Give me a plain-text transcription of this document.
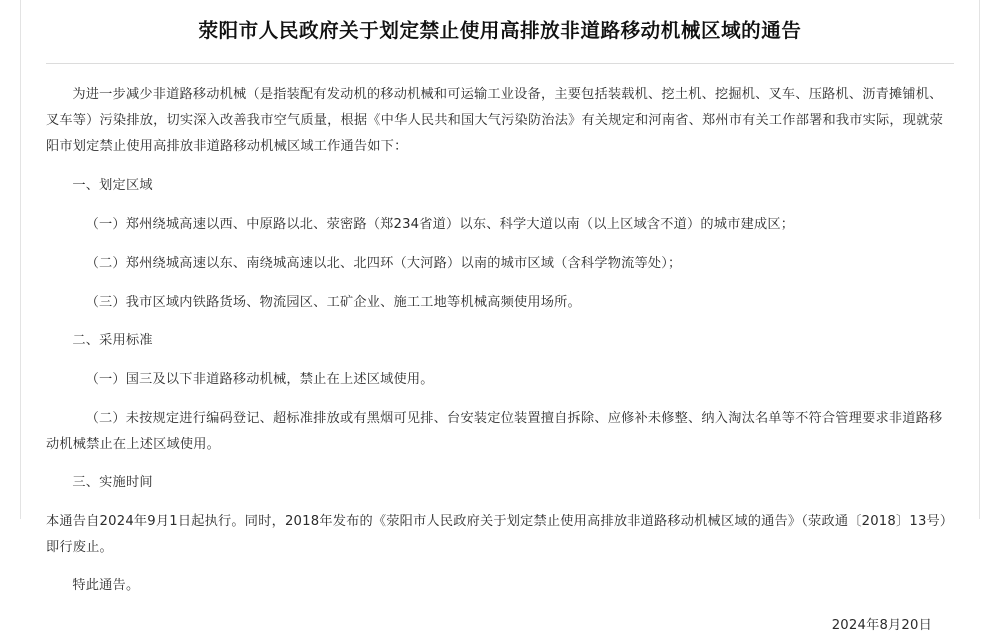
荥阳市人民政府关于划定禁止使用高排放非道路移动机械区域的通告

为进一步减少非道路移动机械（是指装配有发动机的移动机械和可运输工业设备，主要包括装载机、挖土机、挖掘机、叉车、压路机、沥青摊铺机、叉车等）污染排放，切实深入改善我市空气质量，根据《中华人民共和国大气污染防治法》有关规定和河南省、郑州市有关工作部署和我市实际，现就荥阳市划定禁止使用高排放非道路移动机械区域工作通告如下：

一、划定区域

（一）郑州绕城高速以西、中原路以北、荥密路（郑234省道）以东、科学大道以南（以上区域含不道）的城市建成区；

（二）郑州绕城高速以东、南绕城高速以北、北四环（大河路）以南的城市区域（含科学物流等处）；

（三）我市区域内铁路货场、物流园区、工矿企业、施工工地等机械高频使用场所。

二、采用标准

（一）国三及以下非道路移动机械，禁止在上述区域使用。

（二）未按规定进行编码登记、超标准排放或有黑烟可见排、台安装定位装置擅自拆除、应修补未修整、纳入淘汰名单等不符合管理要求非道路移动机械禁止在上述区域使用。

三、实施时间

本通告自2024年9月1日起执行。同时，2018年发布的《荥阳市人民政府关于划定禁止使用高排放非道路移动机械区域的通告》（荥政通〔2018〕13号）即行废止。

特此通告。

2024年8月20日
